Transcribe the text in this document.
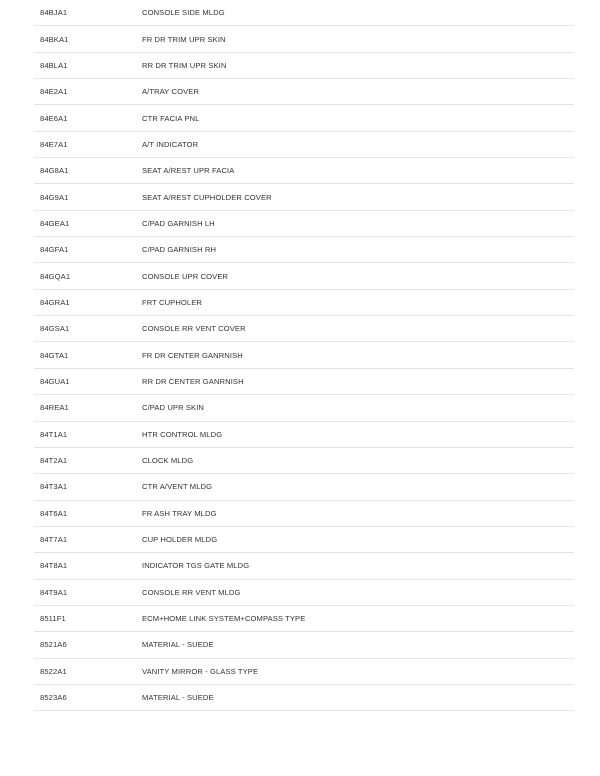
84BJA1	CONSOLE SIDE MLDG
84BKA1	FR DR TRIM UPR SKIN
84BLA1	RR DR TRIM UPR SKIN
84E2A1	A/TRAY COVER
84E6A1	CTR FACIA PNL
84E7A1	A/T INDICATOR
84G8A1	SEAT A/REST UPR FACIA
84G9A1	SEAT A/REST CUPHOLDER COVER
84GEA1	C/PAD GARNISH LH
84GFA1	C/PAD GARNISH RH
84GQA1	CONSOLE UPR COVER
84GRA1	FRT CUPHOLER
84GSA1	CONSOLE RR VENT COVER
84GTA1	FR DR CENTER GANRNISH
84GUA1	RR DR CENTER GANRNISH
84REA1	C/PAD UPR SKIN
84T1A1	HTR CONTROL MLDG
84T2A1	CLOCK MLDG
84T3A1	CTR A/VENT MLDG
84T6A1	FR ASH TRAY MLDG
84T7A1	CUP HOLDER MLDG
84T8A1	INDICATOR TGS GATE MLDG
84T9A1	CONSOLE RR VENT MLDG
8511F1	ECM+HOME LINK SYSTEM+COMPASS TYPE
8521A6	MATERIAL - SUEDE
8522A1	VANITY MIRROR - GLASS TYPE
8523A6	MATERIAL - SUEDE
